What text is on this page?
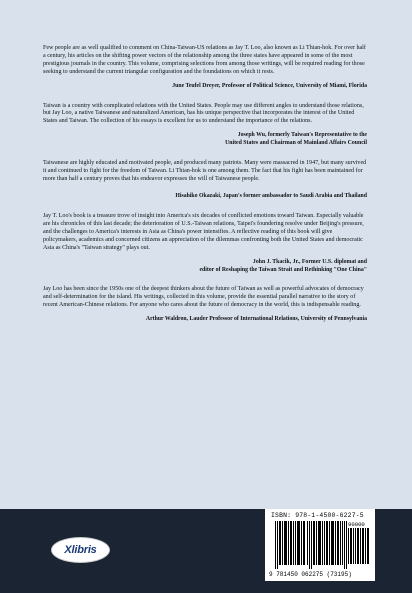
Few people are as well qualified to comment on China-Taiwan-US relations as Jay T. Loo, also known as Li Thian-hok. For over half a century, his articles on the shifting power vectors of the relationship among the three states have appeared in some of the most prestigious journals in the country. This volume, comprising selections from among those writings, will be required reading for those seeking to understand the current triangular configuration and the foundations on which it rests.

June Teufel Dreyer, Professor of Political Science, University of Miami, Florida

Taiwan is a country with complicated relations with the United States. People may use different angles to understand those relations, but Jay Loo, a native Taiwanese and naturalized American, has his unique perspective that incorporates the interest of the United States and Taiwan. The collection of his essays is excellent for us to understand the importance of the relations.

Joseph Wu, formerly Taiwan's Representative to the
United States and Chairman of Mainland Affairs Council

Taiwanese are highly educated and motivated people, and produced many patriots. Many were massacred in 1947, but many survived it and continued to fight for the freedom of Taiwan. Li Thian-hok is one among them. The fact that his fight has been maintained for more than half a century proves that his endeavor expresses the will of Taiwanese people.

Hisahiko Okazaki, Japan's former ambassador to Saudi Arabia and Thailand

Jay T. Loo's book is a treasure trove of insight into America's six decades of conflicted emotions toward Taiwan. Especially valuable are his chronicles of this last decade; the deterioration of U.S.-Taiwan relations, Taipei's foundering resolve under Beijing's pressure, and the challenges to America's interests in Asia as China's power intensifies. A reflective reading of this book will give policymakers, academics and concerned citizens an appreciation of the dilemmas confronting both the United States and democratic Asia as China's "Taiwan strategy" plays out.

John J. Tkacik, Jr., Former U.S. diplomat and
editor of Reshaping the Taiwan Strait and Rethinking "One China"

Jay Loo has been since the 1950s one of the deepest thinkers about the future of Taiwan as well as powerful advocates of democracy and self-determination for the island. His writings, collected in this volume, provide the essential parallel narrative to the story of recent American-Chinese relations. For anyone who cares about the future of democracy in the world, this is indispensable reading.

Arthur Waldron, Lauder Professor of International Relations, University of Pennsylvania

Xlibris
ISBN: 978-1-4500-6227-5
90000
9 781450 062275 (73195)
